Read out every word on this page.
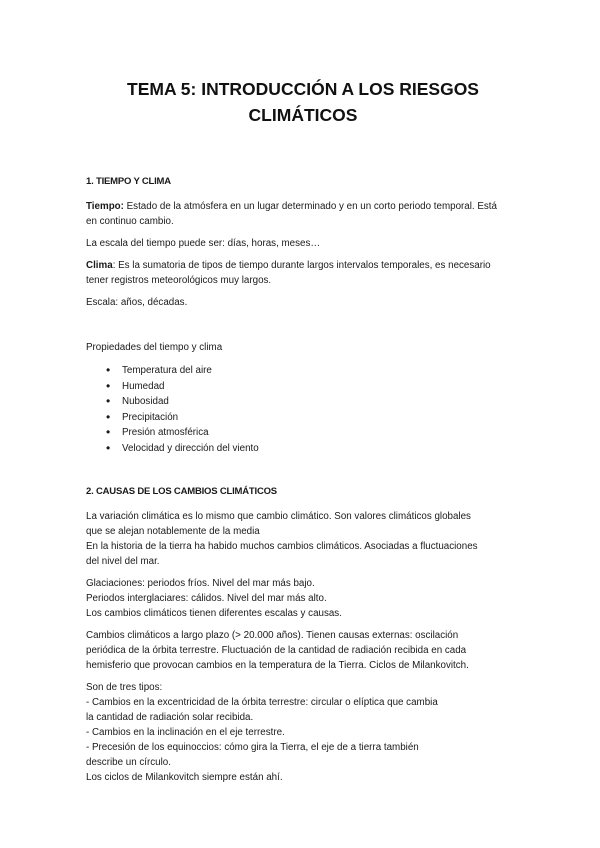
TEMA 5: INTRODUCCIÓN A LOS RIESGOS
CLIMÁTICOS
1. TIEMPO Y CLIMA

Tiempo: Estado de la atmósfera en un lugar determinado y en un corto periodo temporal. Está

en continuo cambio.

La escala del tiempo puede ser: días, horas, meses…

Clima: Es la sumatoria de tipos de tiempo durante largos intervalos temporales, es necesario

tener registros meteorológicos muy largos.

Escala: años, décadas.

Propiedades del tiempo y clima

• Temperatura del aire
• Humedad
• Nubosidad
• Precipitación
• Presión atmosférica
• Velocidad y dirección del viento
2. CAUSAS DE LOS CAMBIOS CLIMÁTICOS

La variación climática es lo mismo que cambio climático. Son valores climáticos globales

que se alejan notablemente de la media

En la historia de la tierra ha habido muchos cambios climáticos. Asociadas a fluctuaciones

del nivel del mar.

Glaciaciones: periodos fríos. Nivel del mar más bajo.

Periodos interglaciares: cálidos. Nivel del mar más alto.

Los cambios climáticos tienen diferentes escalas y causas.

Cambios climáticos a largo plazo (> 20.000 años). Tienen causas externas: oscilación

periódica de la órbita terrestre. Fluctuación de la cantidad de radiación recibida en cada

hemisferio que provocan cambios en la temperatura de la Tierra. Ciclos de Milankovitch.

Son de tres tipos:

- Cambios en la excentricidad de la órbita terrestre: circular o elíptica que cambia

la cantidad de radiación solar recibida.

- Cambios en la inclinación en el eje terrestre.

- Precesión de los equinoccios: cómo gira la Tierra, el eje de a tierra también

describe un círculo.

Los ciclos de Milankovitch siempre están ahí.
